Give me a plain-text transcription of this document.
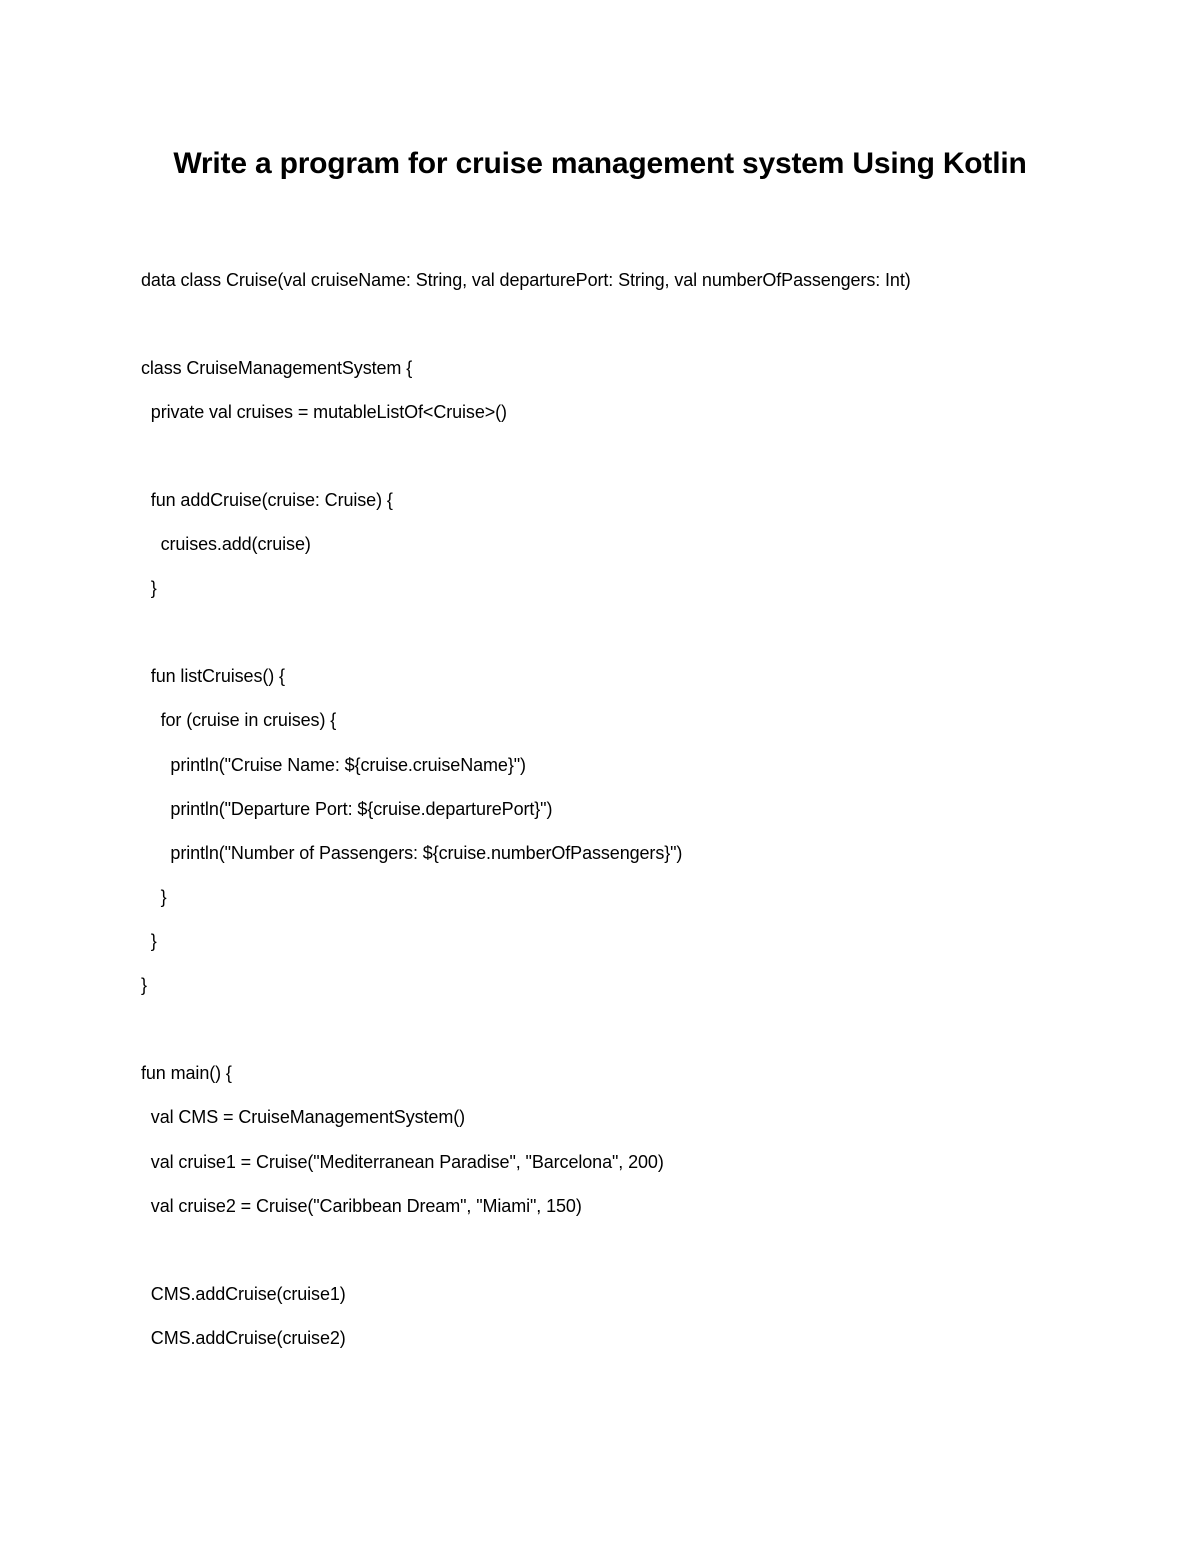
Write a program for cruise management system Using Kotlin
data class Cruise(val cruiseName: String, val departurePort: String, val numberOfPassengers: Int)
class CruiseManagementSystem {
private val cruises = mutableListOf<Cruise>()
fun addCruise(cruise: Cruise) {
cruises.add(cruise)
}
fun listCruises() {
for (cruise in cruises) {
println("Cruise Name: ${cruise.cruiseName}")
println("Departure Port: ${cruise.departurePort}")
println("Number of Passengers: ${cruise.numberOfPassengers}")
}
}
}
fun main() {
val CMS = CruiseManagementSystem()
val cruise1 = Cruise("Mediterranean Paradise", "Barcelona", 200)
val cruise2 = Cruise("Caribbean Dream", "Miami", 150)
CMS.addCruise(cruise1)
CMS.addCruise(cruise2)
